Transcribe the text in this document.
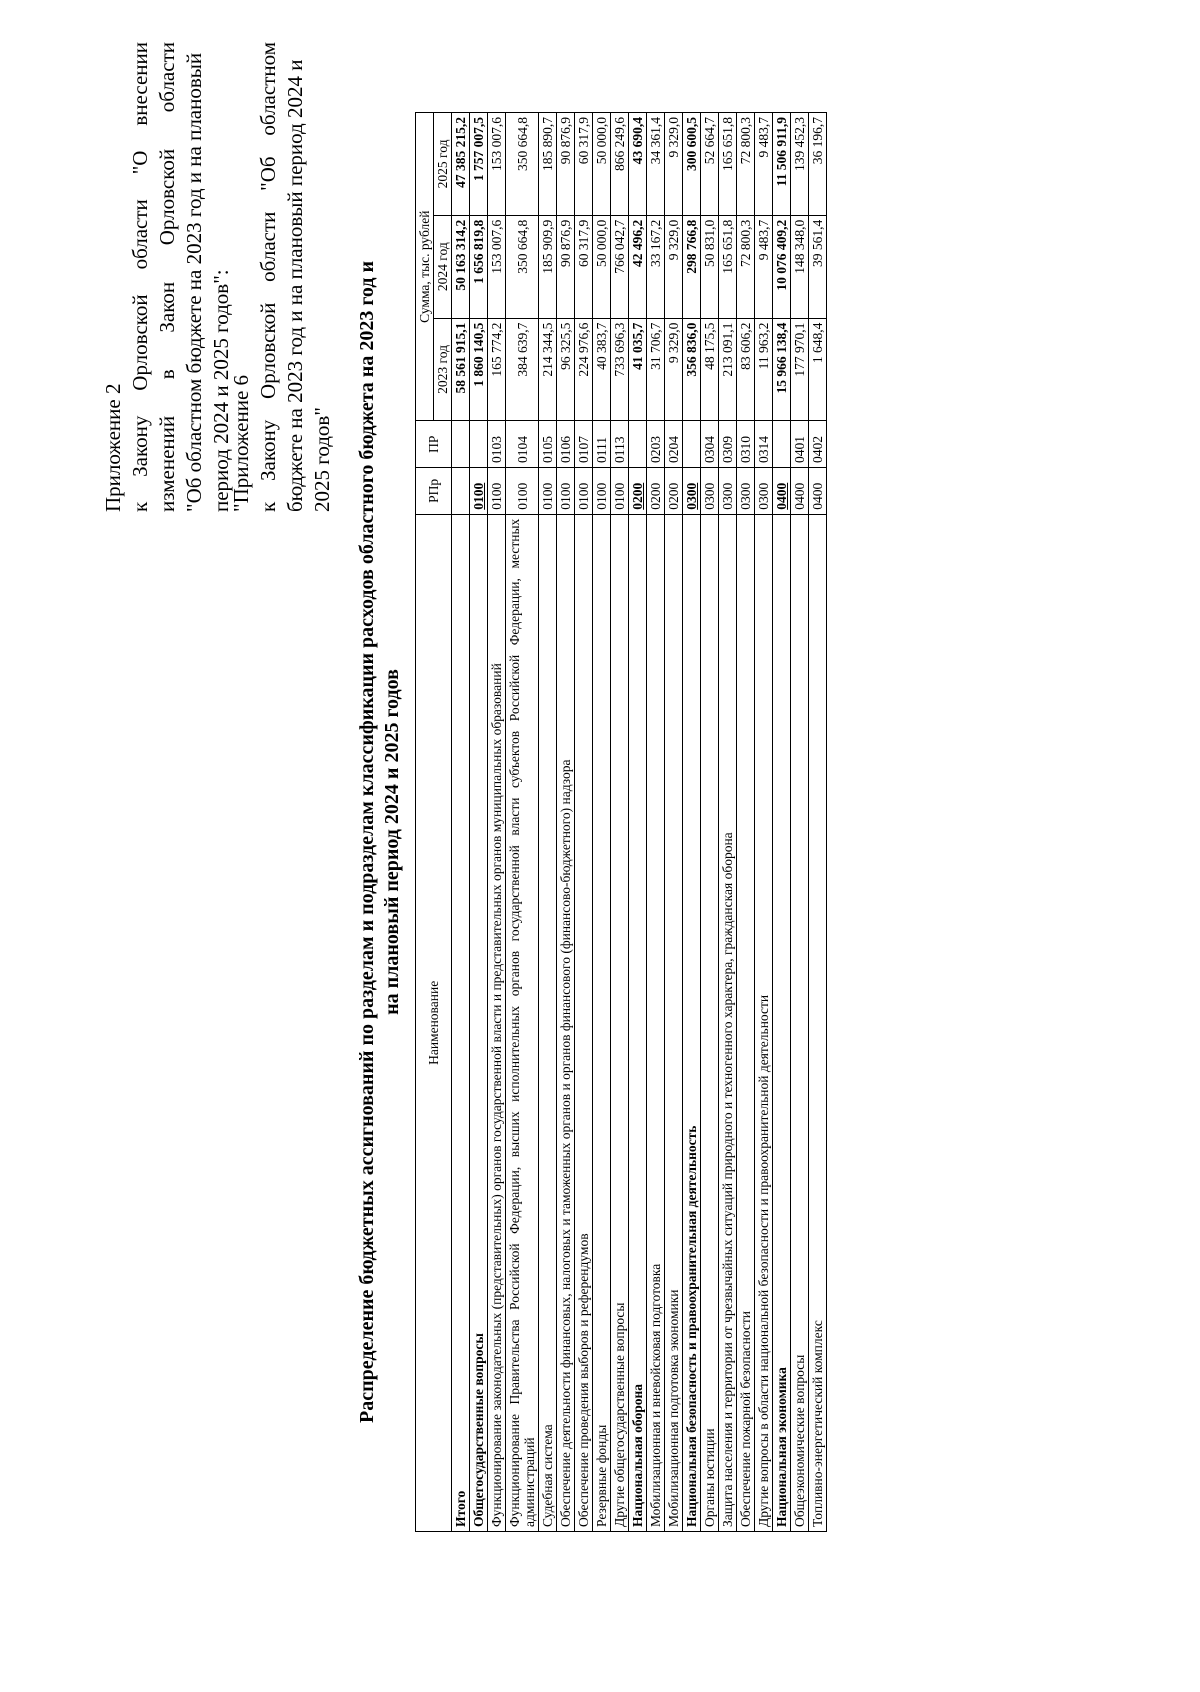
Приложение 2 к Закону Орловской области "О внесении изменений в Закон Орловской области "Об областном бюджете на 2023 год и на плановый период 2024 и 2025 годов":
"Приложение 6 к Закону Орловской области "Об областном бюджете на 2023 год и на плановый период 2024 и 2025 годов" Распределение бюджетных ассигнований по разделам и подразделам классификации расходов областного бюджета на 2023 год и на плановый период 2024 и 2025 годов
Наименование	РПр	ПР	Сумма, тыс. рублей		
			2023 год	2024 год	2025 год
Итого			58 561 915,1	50 163 314,2	47 385 215,2
Общегосударственные вопросы	0100		1 860 140,5	1 656 819,8	1 757 007,5
Функционирование законодательных (представительных) органов государственной власти и представительных органов муниципальных образований	0100	0103	165 774,2	153 007,6	153 007,6
Функционирование Правительства Российской Федерации, высших исполнительных органов государственной власти субъектов Российской Федерации, местных администраций	0100	0104	384 639,7	350 664,8	350 664,8
Судебная система	0100	0105	214 344,5	185 909,9	185 890,7
Обеспечение деятельности финансовых, налоговых и таможенных органов и органов финансового (финансово-бюджетного) надзора	0100	0106	96 325,5	90 876,9	90 876,9
Обеспечение проведения выборов и референдумов	0100	0107	224 976,6	60 317,9	60 317,9
Резервные фонды	0100	0111	40 383,7	50 000,0	50 000,0
Другие общегосударственные вопросы	0100	0113	733 696,3	766 042,7	866 249,6
Национальная оборона	0200		41 035,7	42 496,2	43 690,4
Мобилизационная и вневойсковая подготовка	0200	0203	31 706,7	33 167,2	34 361,4
Мобилизационная подготовка экономики	0200	0204	9 329,0	9 329,0	9 329,0
Национальная безопасность и правоохранительная деятельность	0300		356 836,0	298 766,8	300 600,5
Органы юстиции	0300	0304	48 175,5	50 831,0	52 664,7
Защита населения и территории от чрезвычайных ситуаций природного и техногенного характера, гражданская оборона	0300	0309	213 091,1	165 651,8	165 651,8
Обеспечение пожарной безопасности	0300	0310	83 606,2	72 800,3	72 800,3
Другие вопросы в области национальной безопасности и правоохранительной деятельности	0300	0314	11 963,2	9 483,7	9 483,7
Национальная экономика	0400		15 966 138,4	10 076 409,2	11 506 911,9
Общеэкономические вопросы	0400	0401	177 970,1	148 348,0	139 452,3
Топливно-энергетический комплекс	0400	0402	1 648,4	39 561,4	36 196,7
